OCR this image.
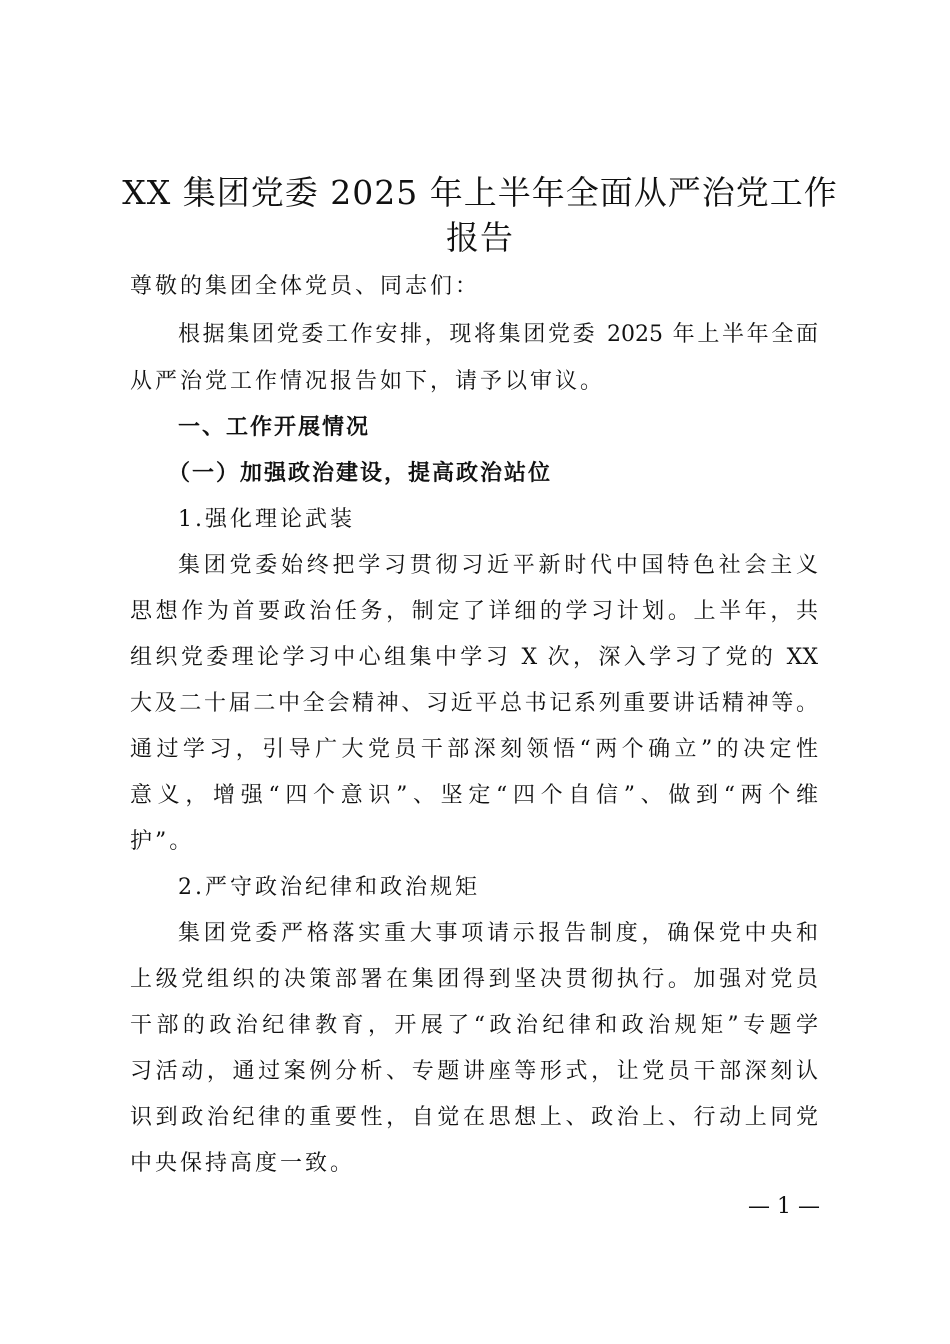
XX 集团党委 2025 年上半年全面从严治党工作
报告
尊敬的集团全体党员、同志们：
根据集团党委工作安排，现将集团党委 2025 年上半年全面
从严治党工作情况报告如下，请予以审议。
一、工作开展情况
（一）加强政治建设，提高政治站位
1.强化理论武装
集团党委始终把学习贯彻习近平新时代中国特色社会主义
思想作为首要政治任务，制定了详细的学习计划。上半年，共
组织党委理论学习中心组集中学习 X 次，深入学习了党的 XX
大及二十届二中全会精神、习近平总书记系列重要讲话精神等。
通过学习，引导广大党员干部深刻领悟“两个确立”的决定性
意义，增强“四个意识”、坚定“四个自信”、做到“两个维
护”。
2.严守政治纪律和政治规矩
集团党委严格落实重大事项请示报告制度，确保党中央和
上级党组织的决策部署在集团得到坚决贯彻执行。加强对党员
干部的政治纪律教育，开展了“政治纪律和政治规矩”专题学
习活动，通过案例分析、专题讲座等形式，让党员干部深刻认
识到政治纪律的重要性，自觉在思想上、政治上、行动上同党
中央保持高度一致。
— 1 —
